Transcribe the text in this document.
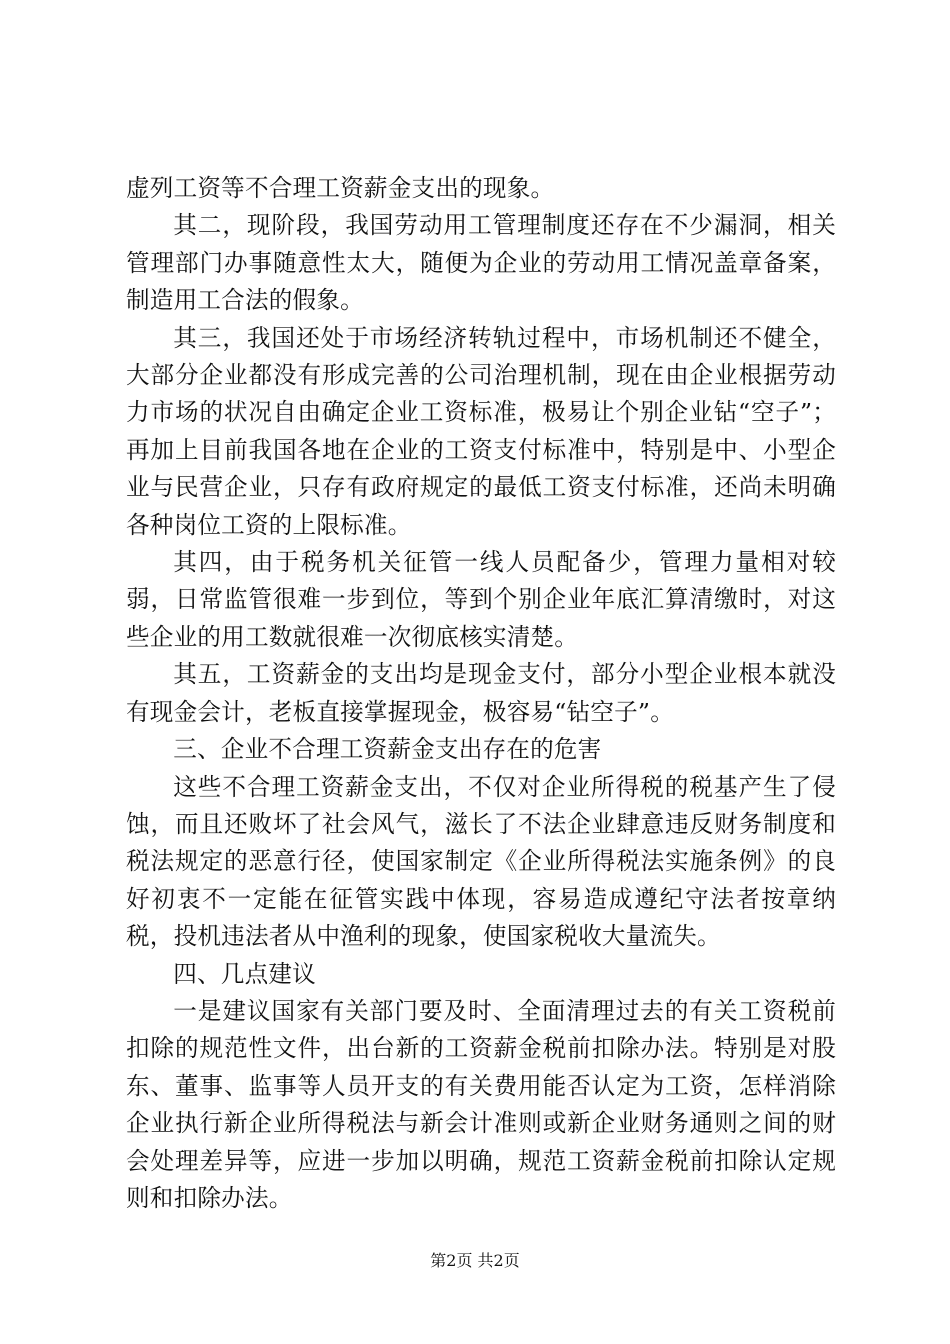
虚列工资等不合理工资薪金支出的现象。

其二，现阶段，我国劳动用工管理制度还存在不少漏洞，相关管理部门办事随意性太大，随便为企业的劳动用工情况盖章备案，制造用工合法的假象。

其三，我国还处于市场经济转轨过程中，市场机制还不健全，大部分企业都没有形成完善的公司治理机制，现在由企业根据劳动力市场的状况自由确定企业工资标准，极易让个别企业钻“空子”；再加上目前我国各地在企业的工资支付标准中，特别是中、小型企业与民营企业，只存有政府规定的最低工资支付标准，还尚未明确各种岗位工资的上限标准。

其四，由于税务机关征管一线人员配备少，管理力量相对较弱，日常监管很难一步到位，等到个别企业年底汇算清缴时，对这些企业的用工数就很难一次彻底核实清楚。

其五，工资薪金的支出均是现金支付，部分小型企业根本就没有现金会计，老板直接掌握现金，极容易“钻空子”。

三、企业不合理工资薪金支出存在的危害

这些不合理工资薪金支出，不仅对企业所得税的税基产生了侵蚀，而且还败坏了社会风气，滋长了不法企业肆意违反财务制度和税法规定的恶意行径，使国家制定《企业所得税法实施条例》的良好初衷不一定能在征管实践中体现，容易造成遵纪守法者按章纳税，投机违法者从中渔利的现象，使国家税收大量流失。

四、几点建议

一是建议国家有关部门要及时、全面清理过去的有关工资税前扣除的规范性文件，出台新的工资薪金税前扣除办法。特别是对股东、董事、监事等人员开支的有关费用能否认定为工资，怎样消除企业执行新企业所得税法与新会计准则或新企业财务通则之间的财会处理差异等，应进一步加以明确，规范工资薪金税前扣除认定规则和扣除办法。

第2页 共2页
